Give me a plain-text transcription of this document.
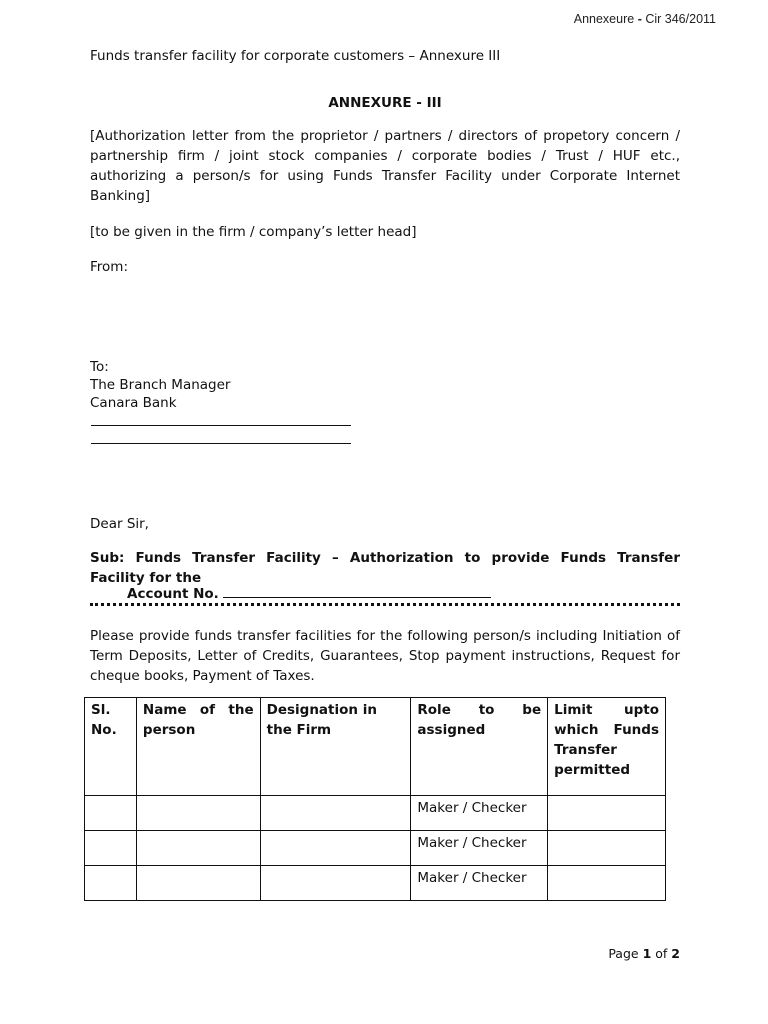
Annexeure - Cir 346/2011
Funds transfer facility for corporate customers – Annexure III
ANNEXURE - III
[Authorization letter from the proprietor / partners / directors of propetory concern / partnership firm / joint stock companies / corporate bodies / Trust / HUF etc., authorizing a person/s for using Funds Transfer Facility under Corporate Internet Banking]
[to be given in the firm / company’s letter head]
From:
To:
The Branch Manager
Canara Bank
Dear Sir,
Sub: Funds Transfer Facility – Authorization to provide Funds Transfer Facility for the
Account No.
Please provide funds transfer facilities for the following person/s including Initiation of Term Deposits, Letter of Credits, Guarantees, Stop payment instructions, Request for cheque books, Payment of Taxes.
Sl. No.	Name of the person	Designation in the Firm	Role to be assigned	Limit upto which Funds Transfer permitted
			Maker / Checker	
			Maker / Checker	
			Maker / Checker	
Page 1 of 2
